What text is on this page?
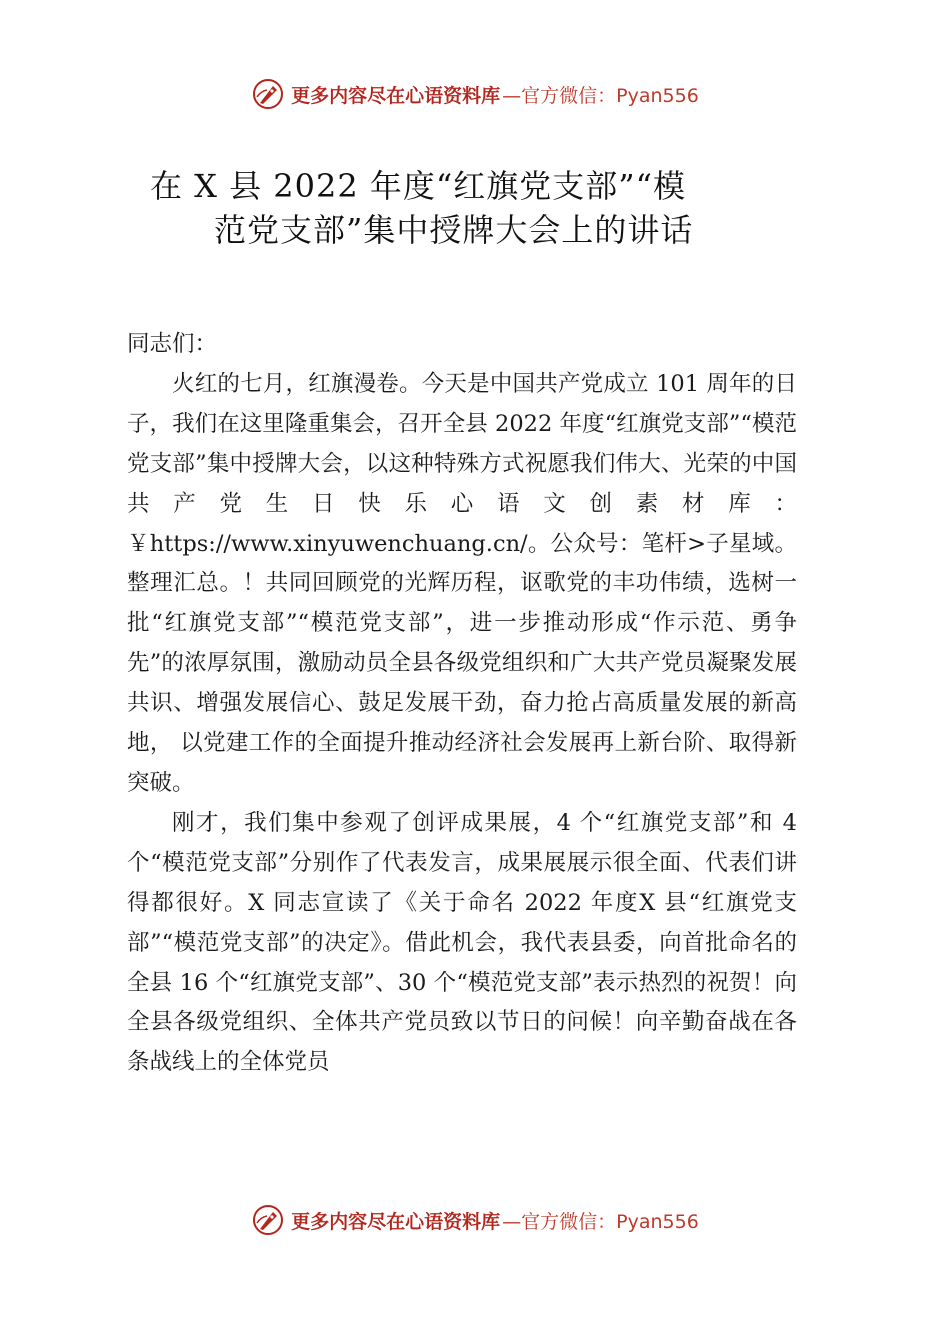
更多内容尽在心语资料库 —官方微信：Pyan556
在 X 县 2022 年度“红旗党支部”“模
范党支部”集中授牌大会上的讲话

同志们：

火红的七月，红旗漫卷。今天是中国共产党成立 101 周年的日子，我们在这里隆重集会，召开全县 2022 年度“红旗党支部”“模范党支部”集中授牌大会，以这种特殊方式祝愿我们伟大、光荣的中国共产党生日快乐心语文创素材库：￥https://www.xinyuwenchuang.cn/。公众号：笔杆>子星域。整理汇总。！共同回顾党的光辉历程，讴歌党的丰功伟绩，选树一批“红旗党支部”“模范党支部”，进一步推动形成“作示范、勇争先”的浓厚氛围，激励动员全县各级党组织和广大共产党员凝聚发展共识、增强发展信心、鼓足发展干劲，奋力抢占高质量发展的新高地， 以党建工作的全面提升推动经济社会发展再上新台阶、取得新突破。

刚才，我们集中参观了创评成果展，4 个“红旗党支部”和 4 个“模范党支部”分别作了代表发言，成果展展示很全面、代表们讲得都很好。X 同志宣读了《关于命名 2022 年度X 县“红旗党支部”“模范党支部”的决定》。借此机会，我代表县委，向首批命名的全县 16 个“红旗党支部”、30 个“模范党支部”表示热烈的祝贺！向全县各级党组织、全体共产党员致以节日的问候！向辛勤奋战在各条战线上的全体党员

更多内容尽在心语资料库 —官方微信：Pyan556
